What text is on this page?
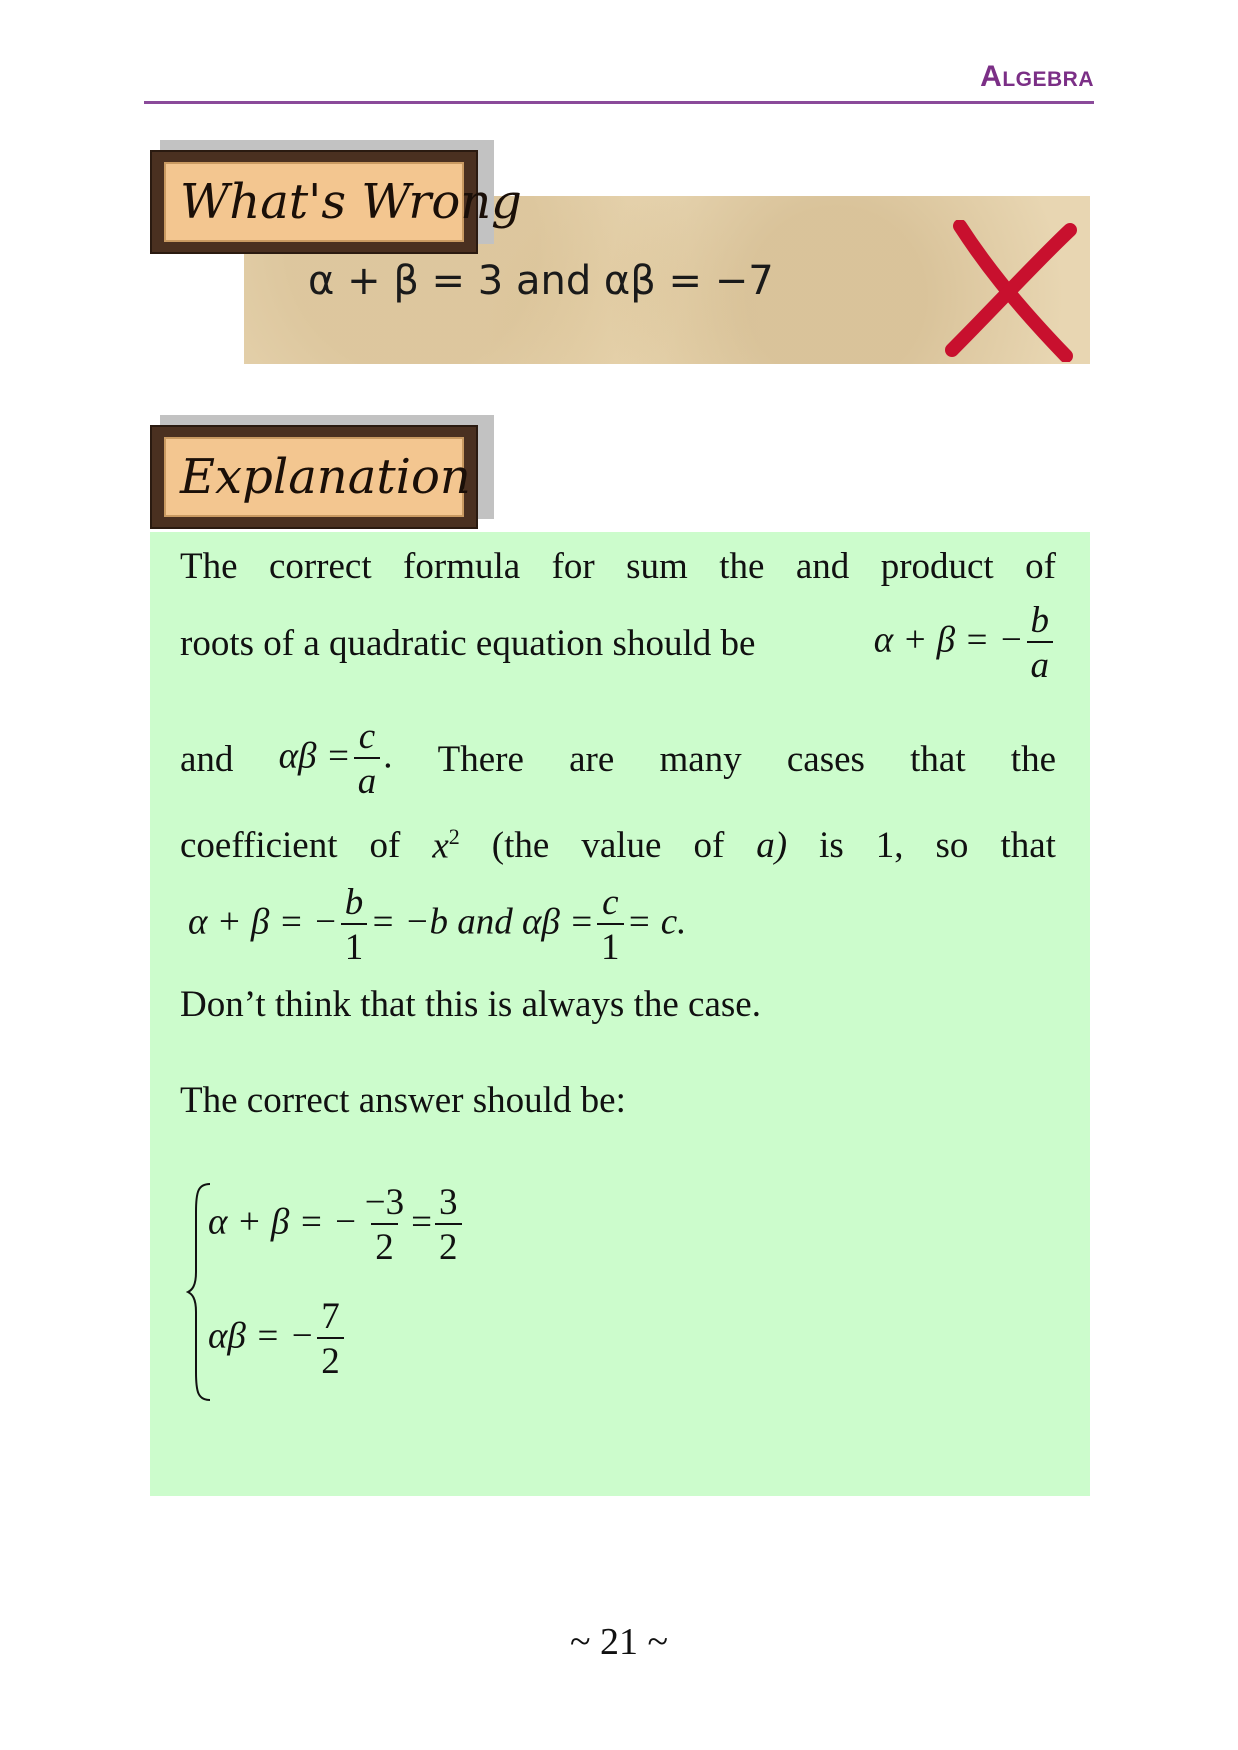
Algebra
What's Wrong
α + β = 3 and αβ = −7
Explanation
The correct formula for sum the and product of
roots of a quadratic equation should be	α + β = − $\frac{b}{a}$
and $\alpha\beta = \frac{c}{a}$ . There are many cases that the
coefficient of $x^2$ (the value of a) is 1, so that
α + β = − $\frac{b}{1} = -b$ and $\alpha\beta = \frac{c}{1} = c$.
Don’t think that this is always the case.
The correct answer should be:
α + β = − $\frac{-3}{2} = \frac{3}{2}$
αβ = − $\frac{7}{2}$
~ 21 ~
